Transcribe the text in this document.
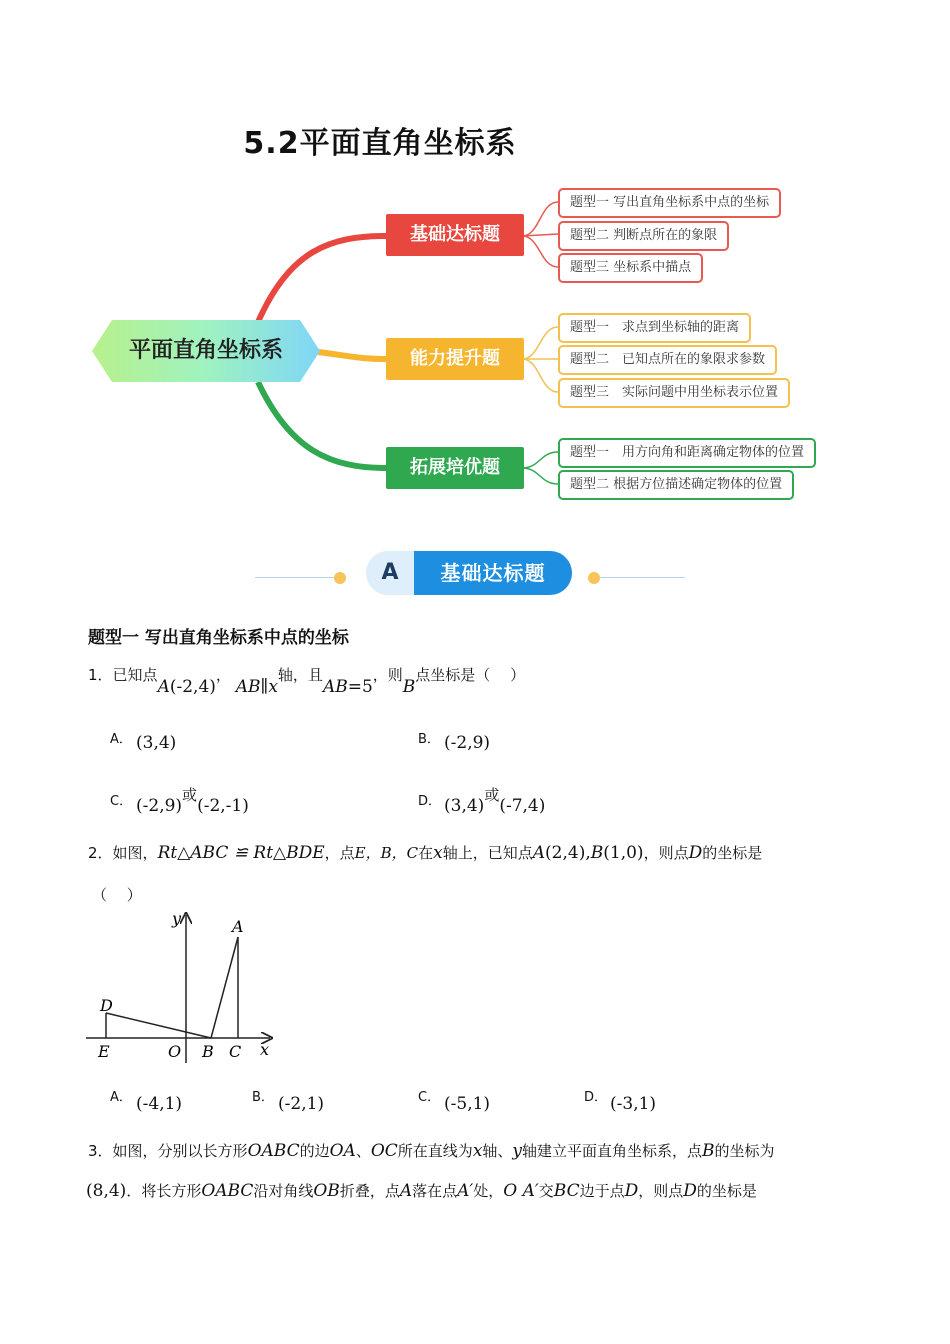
5.2平面直角坐标系
平面直角坐标系
基础达标题
能力提升题
拓展培优题
题型一 写出直角坐标系中点的坐标
题型二 判断点所在的象限
题型三 坐标系中描点
题型一　求点到坐标轴的距离
题型二　已知点所在的象限求参数
题型三　实际问题中用坐标表示位置
题型一　用方向角和距离确定物体的位置
题型二 根据方位描述确定物体的位置
A	基础达标题
题型一 写出直角坐标系中点的坐标
1．已知点A(-2,4)， AB∥x轴，且AB=5，则B点坐标是（　 ）
A． (3,4)	B． (-2,9)
C． (-2,9)或(-2,-1)	D． (3,4)或(-7,4)
2．如图，Rt△ABC ≌ Rt△BDE，点E，B，C在x轴上，已知点A(2,4),B(1,0)，则点D的坐标是
（　 ）
y	A
D
E	O B C x
A． (-4,1)	B． (-2,1)	C． (-5,1)	D． (-3,1)
3．如图，分别以长方形OABC的边OA、OC所在直线为x轴、y轴建立平面直角坐标系，点B的坐标为
(8,4)．将长方形OABC沿对角线OB折叠，点A落在点A′处，O A′交BC边于点D，则点D的坐标是
